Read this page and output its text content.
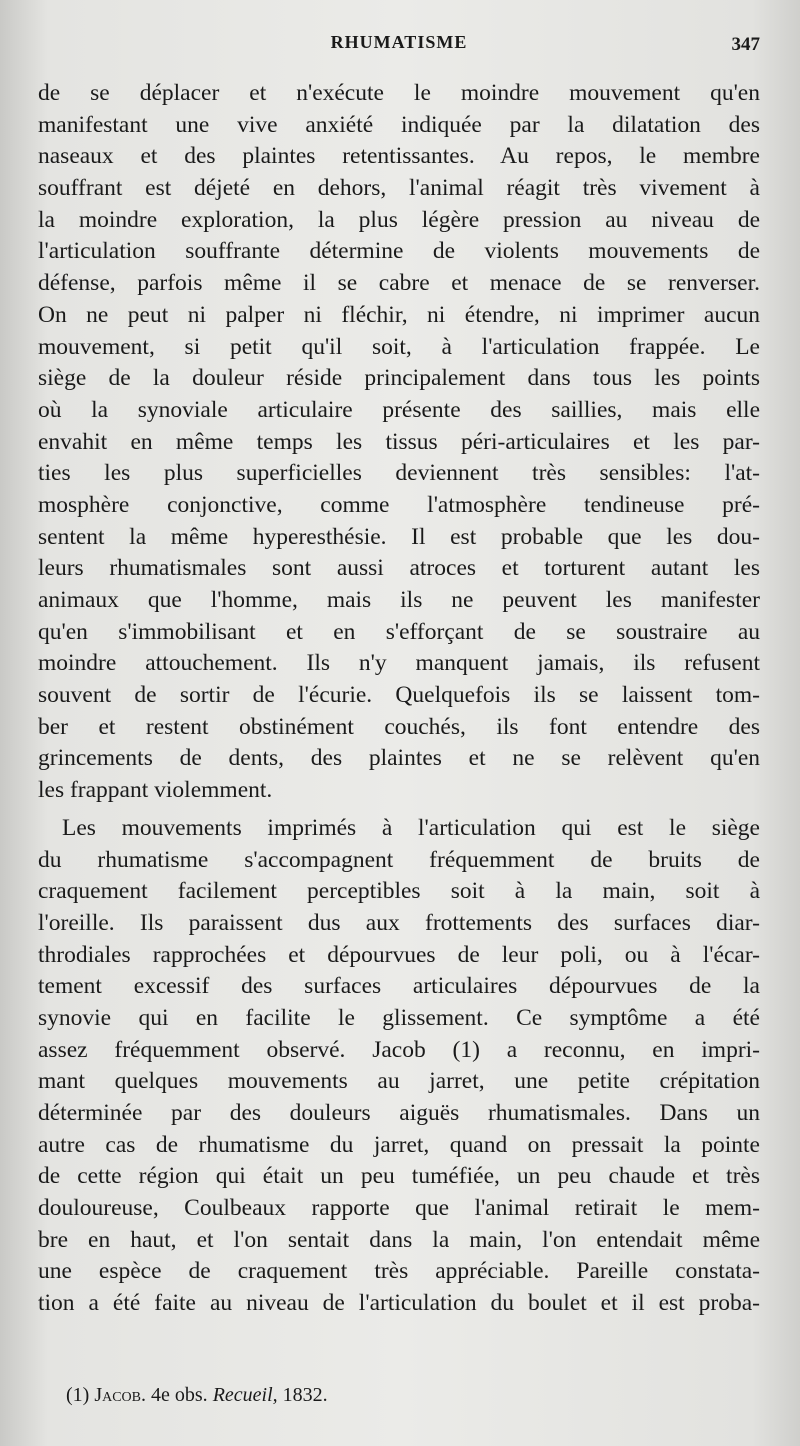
RHUMATISME	347
de se déplacer et n'exécute le moindre mouvement qu'en
manifestant une vive anxiété indiquée par la dilatation des
naseaux et des plaintes retentissantes. Au repos, le membre
souffrant est déjeté en dehors, l'animal réagit très vivement à
la moindre exploration, la plus légère pression au niveau de
l'articulation souffrante détermine de violents mouvements de
défense, parfois même il se cabre et menace de se renverser.
On ne peut ni palper ni fléchir, ni étendre, ni imprimer aucun
mouvement, si petit qu'il soit, à l'articulation frappée. Le
siège de la douleur réside principalement dans tous les points
où la synoviale articulaire présente des saillies, mais elle
envahit en même temps les tissus péri-articulaires et les par-
ties les plus superficielles deviennent très sensibles: l'at-
mosphère conjonctive, comme l'atmosphère tendineuse pré-
sentent la même hyperesthésie. Il est probable que les dou-
leurs rhumatismales sont aussi atroces et torturent autant les
animaux que l'homme, mais ils ne peuvent les manifester
qu'en s'immobilisant et en s'efforçant de se soustraire au
moindre attouchement. Ils n'y manquent jamais, ils refusent
souvent de sortir de l'écurie. Quelquefois ils se laissent tom-
ber et restent obstinément couchés, ils font entendre des
grincements de dents, des plaintes et ne se relèvent qu'en
les frappant violemment.
Les mouvements imprimés à l'articulation qui est le siège
du rhumatisme s'accompagnent fréquemment de bruits de
craquement facilement perceptibles soit à la main, soit à
l'oreille. Ils paraissent dus aux frottements des surfaces diar-
throdiales rapprochées et dépourvues de leur poli, ou à l'écar-
tement excessif des surfaces articulaires dépourvues de la
synovie qui en facilite le glissement. Ce symptôme a été
assez fréquemment observé. Jacob (1) a reconnu, en impri-
mant quelques mouvements au jarret, une petite crépitation
déterminée par des douleurs aiguës rhumatismales. Dans un
autre cas de rhumatisme du jarret, quand on pressait la pointe
de cette région qui était un peu tuméfiée, un peu chaude et très
douloureuse, Coulbeaux rapporte que l'animal retirait le mem-
bre en haut, et l'on sentait dans la main, l'on entendait même
une espèce de craquement très appréciable. Pareille constata-
tion a été faite au niveau de l'articulation du boulet et il est proba-
(1) Jacob. 4e obs. Recueil, 1832.
